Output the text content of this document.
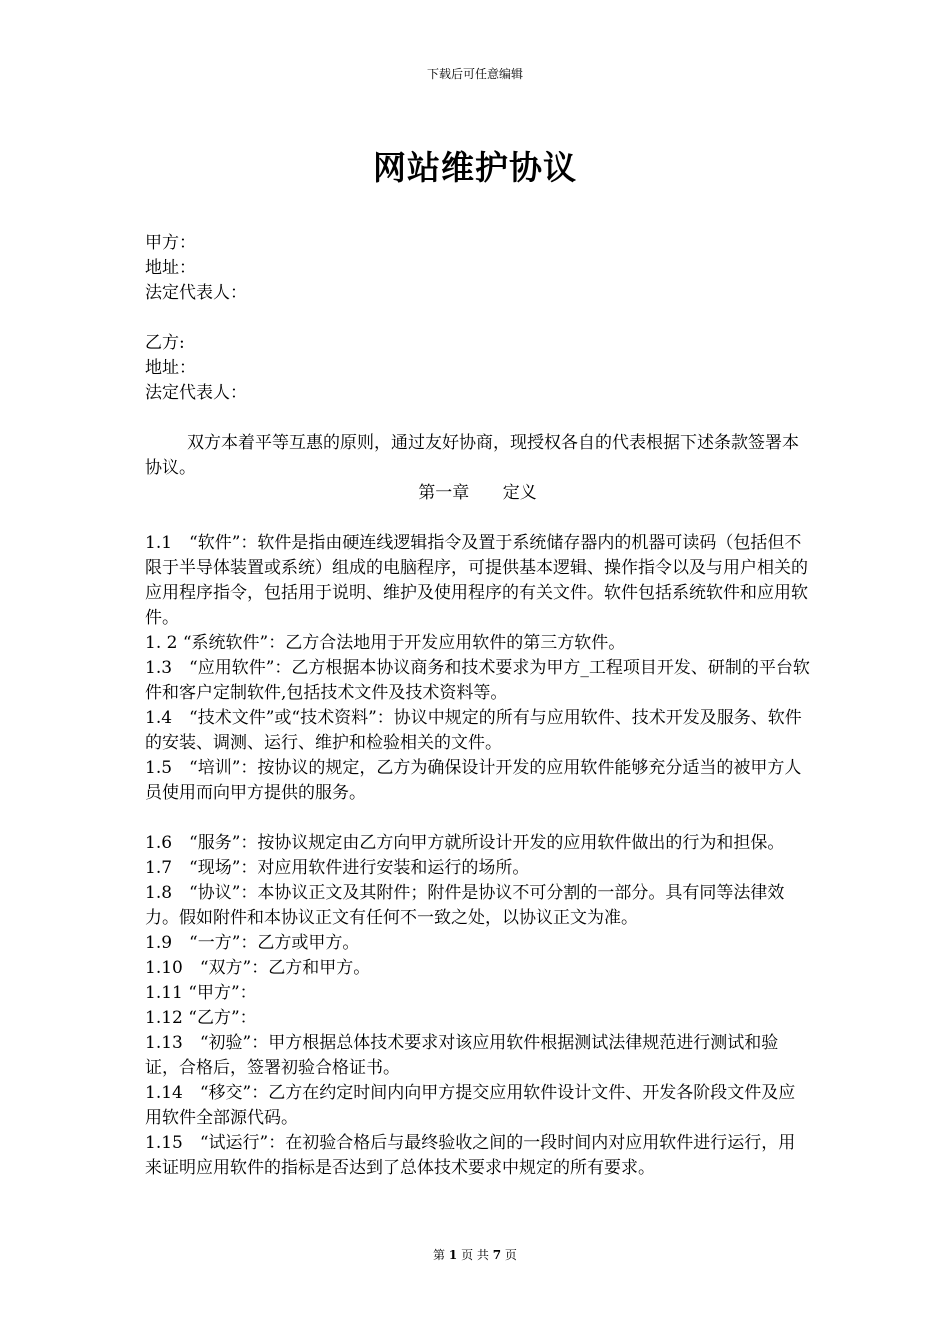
下载后可任意编辑
网站维护协议

甲方：

地址：

法定代表人：

乙方:

地址：

法定代表人：

双方本着平等互惠的原则，通过友好协商，现授权各自的代表根据下述条款签署本协议。

第一章 定义

1.1　“软件”：软件是指由硬连线逻辑指令及置于系统储存器内的机器可读码（包括但不限于半导体装置或系统）组成的电脑程序，可提供基本逻辑、操作指令以及与用户相关的应用程序指令，包括用于说明、维护及使用程序的有关文件。软件包括系统软件和应用软件。

1. 2 “系统软件”：乙方合法地用于开发应用软件的第三方软件。

1.3　“应用软件”：乙方根据本协议商务和技术要求为甲方_工程项目开发、研制的平台软件和客户定制软件,包括技术文件及技术资料等。

1.4　“技术文件”或“技术资料”：协议中规定的所有与应用软件、技术开发及服务、软件的安装、调测、运行、维护和检验相关的文件。

1.5　“培训”：按协议的规定，乙方为确保设计开发的应用软件能够充分适当的被甲方人员使用而向甲方提供的服务。

1.6　“服务”：按协议规定由乙方向甲方就所设计开发的应用软件做出的行为和担保。

1.7　“现场”：对应用软件进行安装和运行的场所。

1.8　“协议”：本协议正文及其附件；附件是协议不可分割的一部分。具有同等法律效力。假如附件和本协议正文有任何不一致之处，以协议正文为准。

1.9　“一方”：乙方或甲方。

1.10　“双方”：乙方和甲方。

1.11 “甲方”：

1.12 “乙方”：

1.13　“初验”：甲方根据总体技术要求对该应用软件根据测试法律规范进行测试和验证，合格后，签署初验合格证书。

1.14　“移交”：乙方在约定时间内向甲方提交应用软件设计文件、开发各阶段文件及应用软件全部源代码。

1.15　“试运行”：在初验合格后与最终验收之间的一段时间内对应用软件进行运行，用来证明应用软件的指标是否达到了总体技术要求中规定的所有要求。

第 1 页 共 7 页
